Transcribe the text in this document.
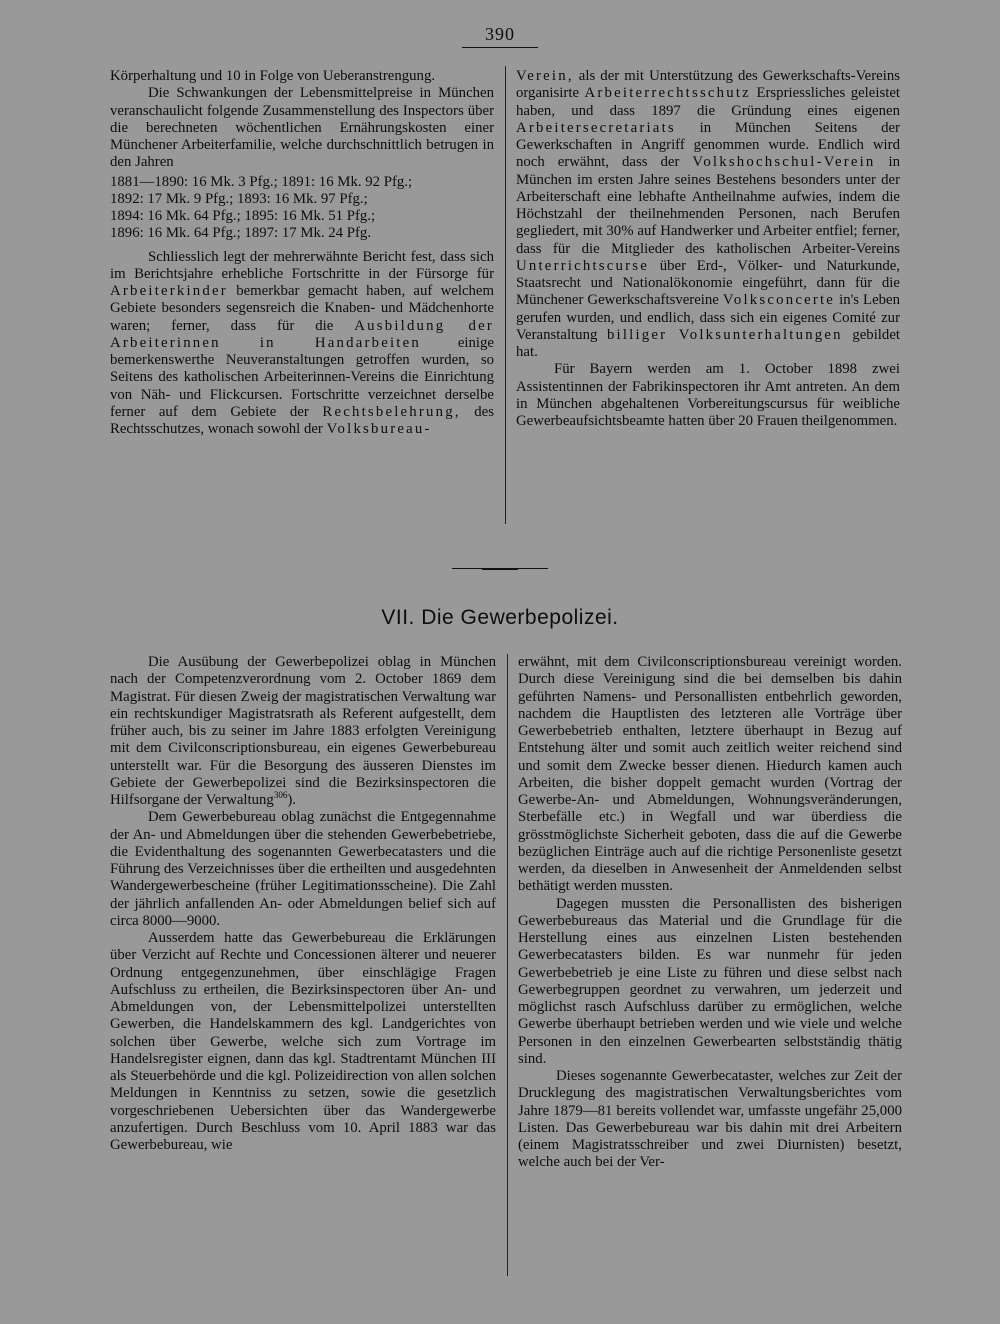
390

Körperhaltung und 10 in Folge von Ueberanstrengung.

Die Schwankungen der Lebensmittelpreise in München veranschaulicht folgende Zusammenstellung des Inspectors über die berechneten wöchentlichen Ernährungskosten einer Münchener Arbeiterfamilie, welche durchschnittlich betrugen in den Jahren

1881—1890: 16 Mk. 3 Pfg.; 1891: 16 Mk. 92 Pfg.;
1892: 17 Mk. 9 Pfg.; 1893: 16 Mk. 97 Pfg.;
1894: 16 Mk. 64 Pfg.; 1895: 16 Mk. 51 Pfg.;
1896: 16 Mk. 64 Pfg.; 1897: 17 Mk. 24 Pfg.

Schliesslich legt der mehrerwähnte Bericht fest, dass sich im Berichtsjahre erhebliche Fortschritte in der Fürsorge für Arbeiterkinder bemerkbar gemacht haben, auf welchem Gebiete besonders segensreich die Knaben- und Mädchenhorte waren; ferner, dass für die Ausbildung der Arbeiterinnen in Handarbeiten einige bemerkenswerthe Neuveranstaltungen getroffen wurden, so Seitens des katholischen Arbeiterinnen-Vereins die Einrichtung von Näh- und Flickcursen. Fortschritte verzeichnet derselbe ferner auf dem Gebiete der Rechtsbelehrung, des Rechtsschutzes, wonach sowohl der Volksbureau-

Verein, als der mit Unterstützung des Gewerkschafts-Vereins organisirte Arbeiterrechtsschutz Erspriessliches geleistet haben, und dass 1897 die Gründung eines eigenen Arbeitersecretariats in München Seitens der Gewerkschaften in Angriff genommen wurde. Endlich wird noch erwähnt, dass der Volkshochschul-Verein in München im ersten Jahre seines Bestehens besonders unter der Arbeiterschaft eine lebhafte Antheilnahme aufwies, indem die Höchstzahl der theilnehmenden Personen, nach Berufen gegliedert, mit 30% auf Handwerker und Arbeiter entfiel; ferner, dass für die Mitglieder des katholischen Arbeiter-Vereins Unterrichtscurse über Erd-, Völker- und Naturkunde, Staatsrecht und Nationalökonomie eingeführt, dann für die Münchener Gewerkschaftsvereine Volksconcerte in's Leben gerufen wurden, und endlich, dass sich ein eigenes Comité zur Veranstaltung billiger Volksunterhaltungen gebildet hat.

Für Bayern werden am 1. October 1898 zwei Assistentinnen der Fabrikinspectoren ihr Amt antreten. An dem in München abgehaltenen Vorbereitungscursus für weibliche Gewerbeaufsichtsbeamte hatten über 20 Frauen theilgenommen.

VII. Die Gewerbepolizei.

Die Ausübung der Gewerbepolizei oblag in München nach der Competenzverordnung vom 2. October 1869 dem Magistrat. Für diesen Zweig der magistratischen Verwaltung war ein rechtskundiger Magistratsrath als Referent aufgestellt, dem früher auch, bis zu seiner im Jahre 1883 erfolgten Vereinigung mit dem Civilconscriptionsbureau, ein eigenes Gewerbebureau unterstellt war. Für die Besorgung des äusseren Dienstes im Gebiete der Gewerbepolizei sind die Bezirksinspectoren die Hilfsorgane der Verwaltung$^{306}$).

Dem Gewerbebureau oblag zunächst die Entgegennahme der An- und Abmeldungen über die stehenden Gewerbebetriebe, die Evidenthaltung des sogenannten Gewerbecatasters und die Führung des Verzeichnisses über die ertheilten und ausgedehnten Wandergewerbescheine (früher Legitimationsscheine). Die Zahl der jährlich anfallenden An- oder Abmeldungen belief sich auf circa 8000—9000.

Ausserdem hatte das Gewerbebureau die Erklärungen über Verzicht auf Rechte und Concessionen älterer und neuerer Ordnung entgegenzunehmen, über einschlägige Fragen Aufschluss zu ertheilen, die Bezirksinspectoren über An- und Abmeldungen von, der Lebensmittelpolizei unterstellten Gewerben, die Handelskammern des kgl. Landgerichtes von solchen über Gewerbe, welche sich zum Vortrage im Handelsregister eignen, dann das kgl. Stadtrentamt München III als Steuerbehörde und die kgl. Polizeidirection von allen solchen Meldungen in Kenntniss zu setzen, sowie die gesetzlich vorgeschriebenen Uebersichten über das Wandergewerbe anzufertigen. Durch Beschluss vom 10. April 1883 war das Gewerbebureau, wie

erwähnt, mit dem Civilconscriptionsbureau vereinigt worden. Durch diese Vereinigung sind die bei demselben bis dahin geführten Namens- und Personallisten entbehrlich geworden, nachdem die Hauptlisten des letzteren alle Vorträge über Gewerbebetrieb enthalten, letztere überhaupt in Bezug auf Entstehung älter und somit auch zeitlich weiter reichend sind und somit dem Zwecke besser dienen. Hiedurch kamen auch Arbeiten, die bisher doppelt gemacht wurden (Vortrag der Gewerbe-An- und Abmeldungen, Wohnungsveränderungen, Sterbefälle etc.) in Wegfall und war überdiess die grösstmöglichste Sicherheit geboten, dass die auf die Gewerbe bezüglichen Einträge auch auf die richtige Personenliste gesetzt werden, da dieselben in Anwesenheit der Anmeldenden selbst bethätigt werden mussten.

Dagegen mussten die Personallisten des bisherigen Gewerbebureaus das Material und die Grundlage für die Herstellung eines aus einzelnen Listen bestehenden Gewerbecatasters bilden. Es war nunmehr für jeden Gewerbebetrieb je eine Liste zu führen und diese selbst nach Gewerbegruppen geordnet zu verwahren, um jederzeit und möglichst rasch Aufschluss darüber zu ermöglichen, welche Gewerbe überhaupt betrieben werden und wie viele und welche Personen in den einzelnen Gewerbearten selbstständig thätig sind.

Dieses sogenannte Gewerbecataster, welches zur Zeit der Drucklegung des magistratischen Verwaltungsberichtes vom Jahre 1879—81 bereits vollendet war, umfasste ungefähr 25,000 Listen. Das Gewerbebureau war bis dahin mit drei Arbeitern (einem Magistratsschreiber und zwei Diurnisten) besetzt, welche auch bei der Ver-
